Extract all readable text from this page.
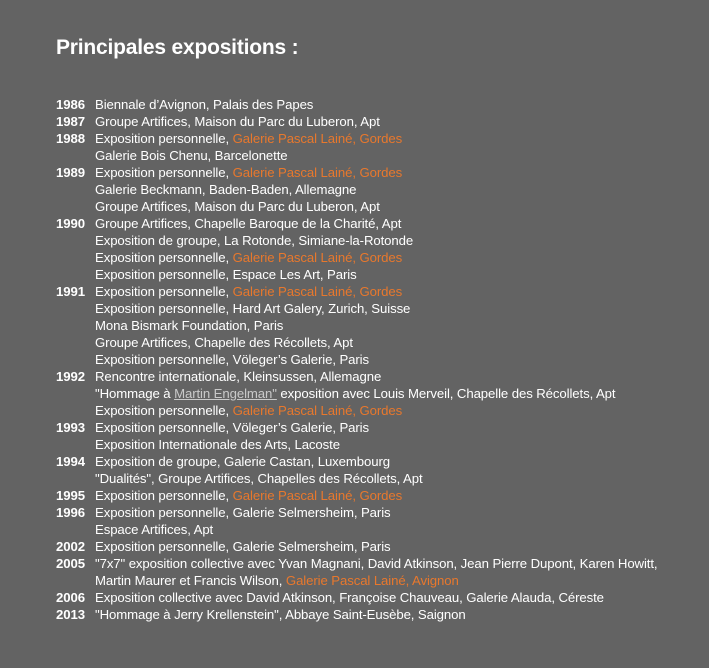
Principales expositions :
1986 Biennale d’Avignon, Palais des Papes
1987 Groupe Artifices, Maison du Parc du Luberon, Apt
1988 Exposition personnelle, Galerie Pascal Lainé, Gordes
Galerie Bois Chenu, Barcelonette
1989 Exposition personnelle, Galerie Pascal Lainé, Gordes
Galerie Beckmann, Baden-Baden, Allemagne
Groupe Artifices, Maison du Parc du Luberon, Apt
1990 Groupe Artifices, Chapelle Baroque de la Charité, Apt
Exposition de groupe, La Rotonde, Simiane-la-Rotonde
Exposition personnelle, Galerie Pascal Lainé, Gordes
Exposition personnelle, Espace Les Art, Paris
1991 Exposition personnelle, Galerie Pascal Lainé, Gordes
Exposition personnelle, Hard Art Galery, Zurich, Suisse
Mona Bismark Foundation, Paris
Groupe Artifices, Chapelle des Récollets, Apt
Exposition personnelle, Völeger’s Galerie, Paris
1992 Rencontre internationale, Kleinsussen, Allemagne
"Hommage à Martin Engelman" exposition avec Louis Merveil, Chapelle des Récollets, Apt
Exposition personnelle, Galerie Pascal Lainé, Gordes
1993 Exposition personnelle, Völeger’s Galerie, Paris
Exposition Internationale des Arts, Lacoste
1994 Exposition de groupe, Galerie Castan, Luxembourg
"Dualités", Groupe Artifices, Chapelles des Récollets, Apt
1995 Exposition personnelle, Galerie Pascal Lainé, Gordes
1996 Exposition personnelle, Galerie Selmersheim, Paris
Espace Artifices, Apt
2002 Exposition personnelle, Galerie Selmersheim, Paris
2005 "7x7" exposition collective avec Yvan Magnani, David Atkinson, Jean Pierre Dupont, Karen Howitt, Martin Maurer et Francis Wilson, Galerie Pascal Lainé, Avignon
2006 Exposition collective avec David Atkinson, Françoise Chauveau, Galerie Alauda, Céreste
2013 "Hommage à Jerry Krellenstein", Abbaye Saint-Eusèbe, Saignon
